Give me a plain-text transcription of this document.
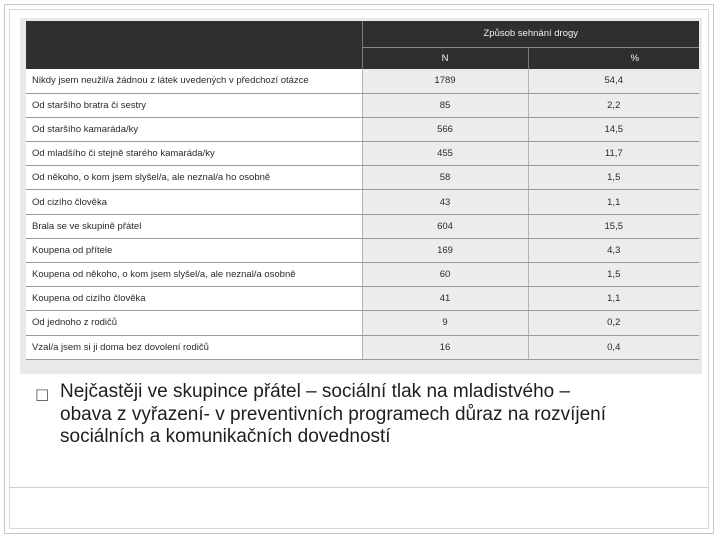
	Způsob sehnání drogy	
	N	%
Nikdy jsem neužil/a žádnou z látek uvedených v předchozí otázce	1789	54,4
Od staršího bratra či sestry	85	2,2
Od staršího kamaráda/ky	566	14,5
Od mladšího či stejně starého kamaráda/ky	455	11,7
Od někoho, o kom jsem slyšel/a, ale neznal/a ho osobně	58	1,5
Od cizího člověka	43	1,1
Brala se ve skupině přátel	604	15,5
Koupena od přítele	169	4,3
Koupena od někoho, o kom jsem slyšel/a, ale neznal/a osobně	60	1,5
Koupena od cizího člověka	41	1,1
Od jednoho z rodičů	9	0,2
Vzal/a jsem si ji doma bez dovolení rodičů	16	0,4
□ Nejčastěji ve skupince přátel – sociální tlak na mladistvého – obava z vyřazení- v preventivních programech důraz na rozvíjení sociálních a komunikačních dovedností
